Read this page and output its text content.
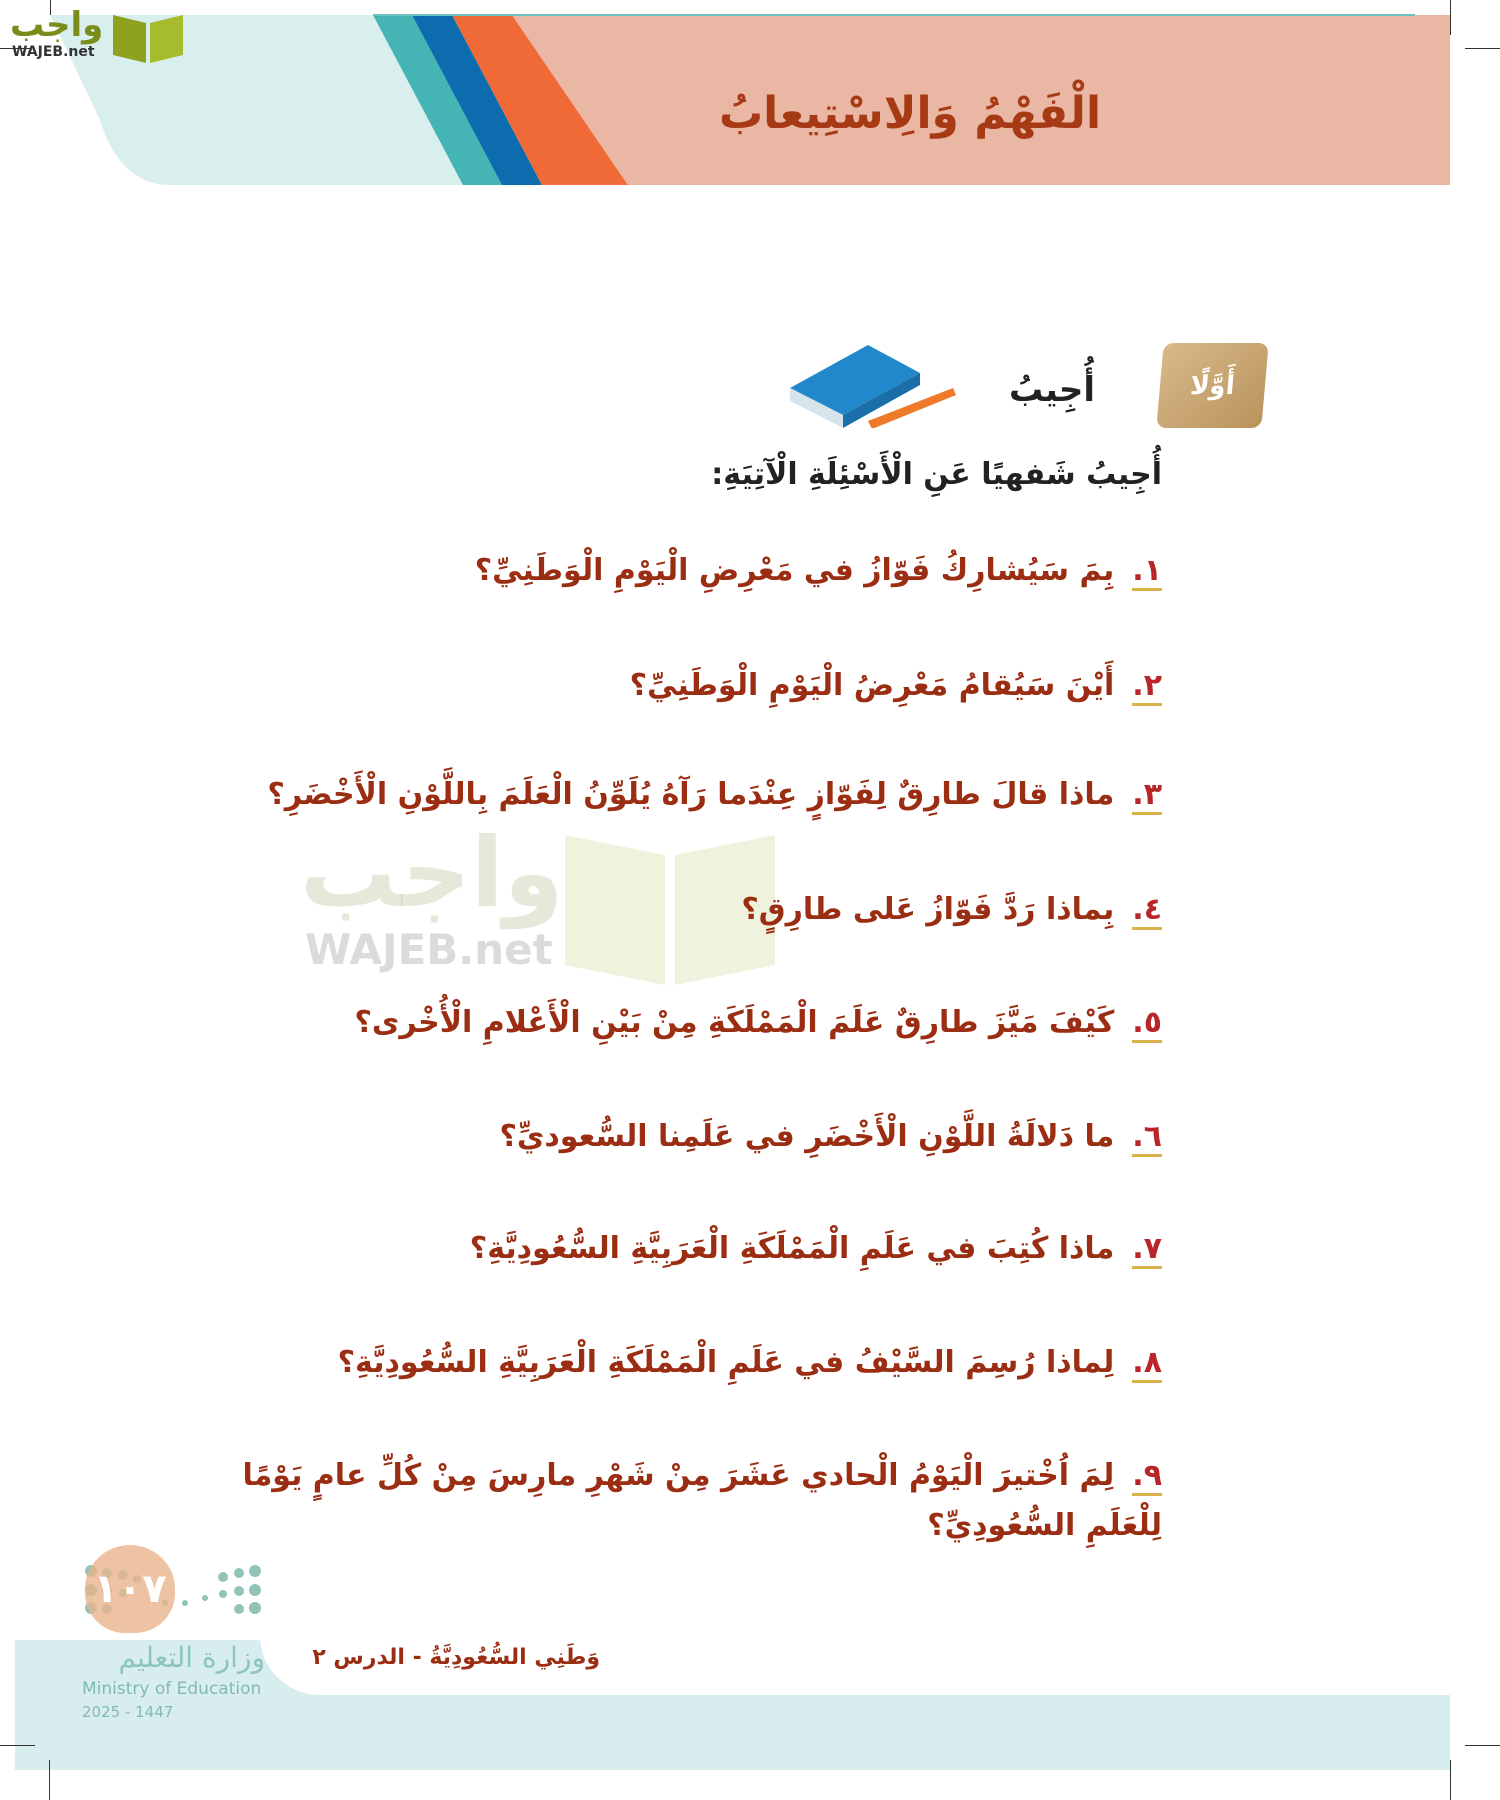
واجب
WAJEB.net
الْفَهْمُ وَالِاسْتِيعابُ
واجب
WAJEB.net
أَوَّلًا
أُجِيبُ
أُجِيبُ شَفهيًا عَنِ الْأَسْئِلَةِ الْآتِيَةِ:
١.بِمَ سَيُشارِكُ فَوّازُ في مَعْرِضِ الْيَوْمِ الْوَطَنِيِّ؟
٢.أَيْنَ سَيُقامُ مَعْرِضُ الْيَوْمِ الْوَطَنِيِّ؟
٣.ماذا قالَ طارِقٌ لِفَوّازٍ عِنْدَما رَآهُ يُلَوِّنُ الْعَلَمَ بِاللَّوْنِ الْأَخْضَرِ؟
٤.بِماذا رَدَّ فَوّازُ عَلى طارِقٍ؟
٥.كَيْفَ مَيَّزَ طارِقٌ عَلَمَ الْمَمْلَكَةِ مِنْ بَيْنِ الْأَعْلامِ الْأُخْرى؟
٦.ما دَلالَةُ اللَّوْنِ الْأَخْضَرِ في عَلَمِنا السُّعوديِّ؟
٧.ماذا كُتِبَ في عَلَمِ الْمَمْلَكَةِ الْعَرَبِيَّةِ السُّعُودِيَّةِ؟
٨.لِماذا رُسِمَ السَّيْفُ في عَلَمِ الْمَمْلَكَةِ الْعَرَبِيَّةِ السُّعُودِيَّةِ؟
٩.لِمَ اُخْتيرَ الْيَوْمُ الْحادي عَشَرَ مِنْ شَهْرِ مارِسَ مِنْ كُلِّ عامٍ يَوْمًا لِلْعَلَمِ السُّعُودِيِّ؟
وَطَنِي السُّعُودِيَّةُ - الدرس ٢
١٠٧
وزارة التعليم
Ministry of Education
2025 - 1447
